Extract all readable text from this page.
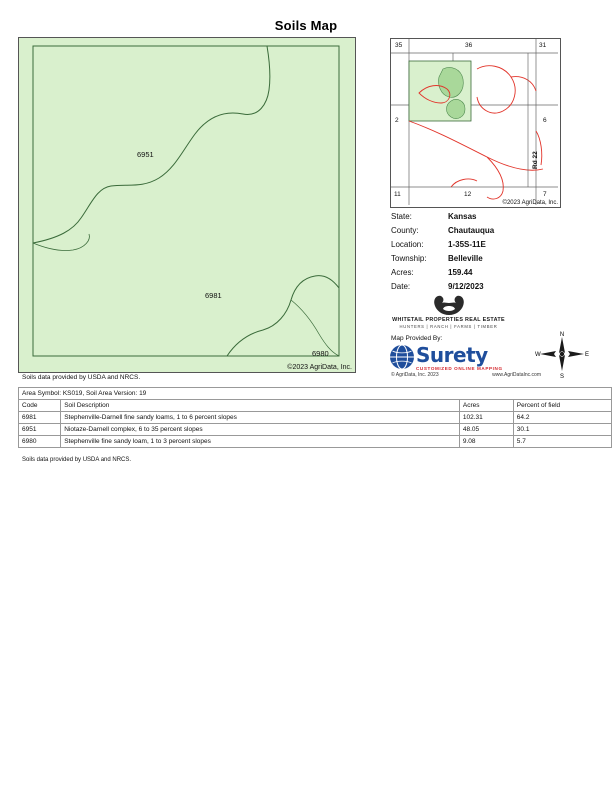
Soils Map
6951
6981
6980
©2023 AgriData, Inc.
Soils data provided by USDA and NRCS.
35	36	31
2	6
11	12	7
Rd 22
©2023 AgriData, Inc.
State:	Kansas
County:	Chautauqua
Location:	1-35S-11E
Township:	Belleville
Acres:	159.44
Date:	9/12/2023
WHITETAIL PROPERTIES REAL ESTATE
HUNTERS | RANCH | FARMS | TIMBER
Map Provided By:
Surety
CUSTOMIZED ONLINE MAPPING
© AgriData, Inc. 2023	www.AgriDataInc.com
N
S
W	E
Area Symbol: KS019, Soil Area Version: 19			
Code	Soil Description	Acres	Percent of field
6981	Stephenville-Darnell fine sandy loams, 1 to 6 percent slopes	102.31	64.2
6951	Niotaze-Darnell complex, 6 to 35 percent slopes	48.05	30.1
6980	Stephenville fine sandy loam, 1 to 3 percent slopes	9.08	5.7
Soils data provided by USDA and NRCS.
